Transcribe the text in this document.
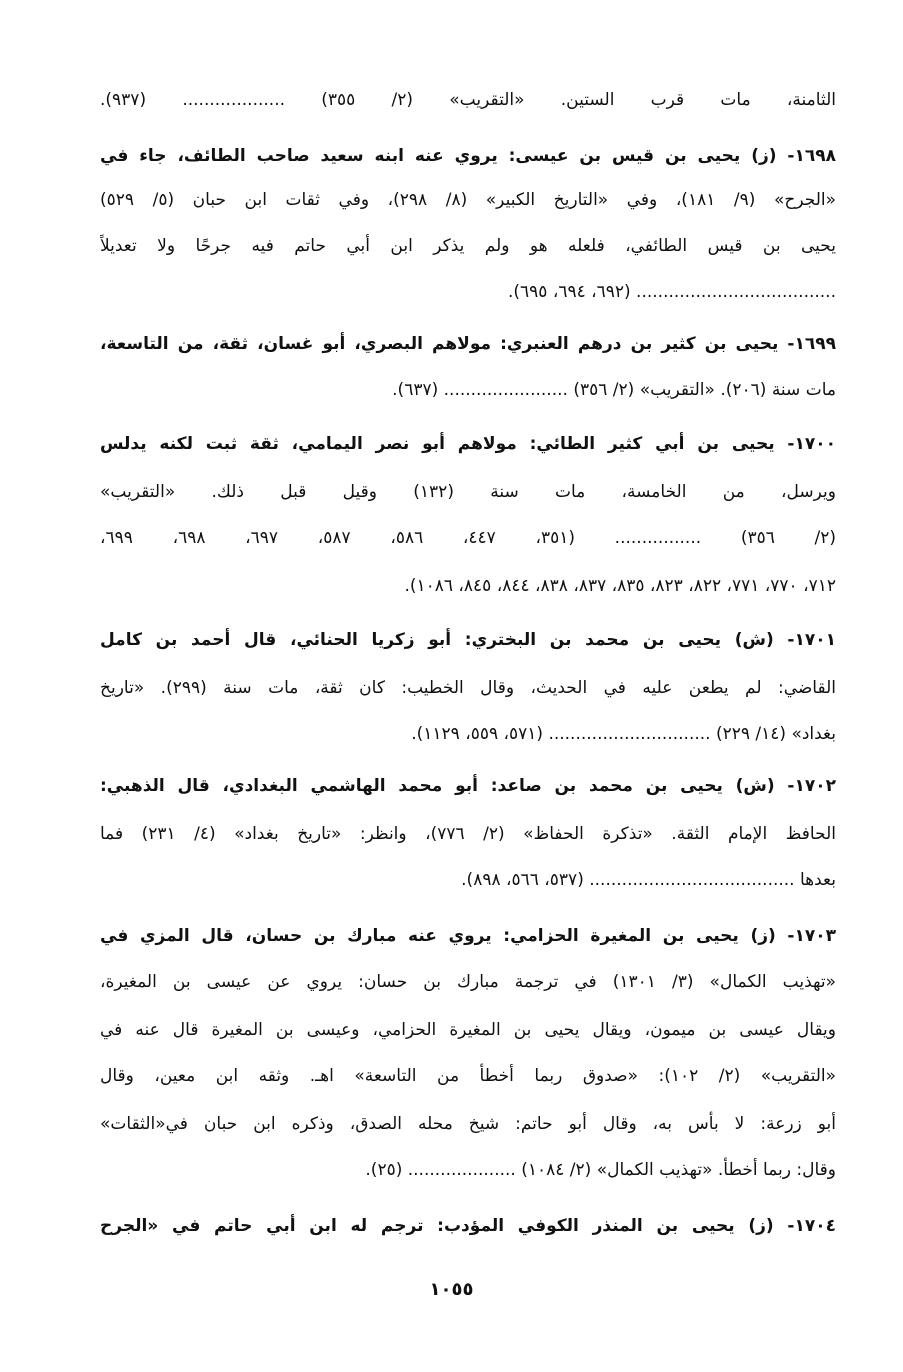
الثامنة، مات قرب الستين. «التقريب» (٢/ ٣٥٥) ................... (٩٣٧).
١٦٩٨- (ز) يحيى بن قيس بن عيسى: يروي عنه ابنه سعيد صاحب الطائف، جاء في
«الجرح» (٩/ ١٨١)، وفي «التاريخ الكبير» (٨/ ٢٩٨)، وفي ثقات ابن حبان (٥/ ٥٢٩)
يحيى بن قيس الطائفي، فلعله هو ولم يذكر ابن أبي حاتم فيه جرحًا ولا تعديلاً
..................................... (٦٩٢، ٦٩٤، ٦٩٥).
١٦٩٩- يحيى بن كثير بن درهم العنبري: مولاهم البصري، أبو غسان، ثقة، من التاسعة،
مات سنة (٢٠٦). «التقريب» (٢/ ٣٥٦) ....................... (٦٣٧).
١٧٠٠- يحيى بن أبي كثير الطائي: مولاهم أبو نصر اليمامي، ثقة ثبت لكنه يدلس
ويرسل، من الخامسة، مات سنة (١٣٢) وقيل قبل ذلك. «التقريب»
(٢/ ٣٥٦) ................ (٣٥١، ٤٤٧، ٥٨٦، ٥٨٧، ٦٩٧، ٦٩٨، ٦٩٩،
٧١٢، ٧٧٠، ٧٧١، ٨٢٢، ٨٢٣، ٨٣٥، ٨٣٧، ٨٣٨، ٨٤٤، ٨٤٥، ١٠٨٦).
١٧٠١- (ش) يحيى بن محمد بن البختري: أبو زكريا الحنائي، قال أحمد بن كامل
القاضي: لم يطعن عليه في الحديث، وقال الخطيب: كان ثقة، مات سنة (٢٩٩). «تاريخ
بغداد» (١٤/ ٢٢٩) .............................. (٥٧١، ٥٥٩، ١١٢٩).
١٧٠٢- (ش) يحيى بن محمد بن صاعد: أبو محمد الهاشمي البغدادي، قال الذهبي:
الحافظ الإمام الثقة. «تذكرة الحفاظ» (٢/ ٧٧٦)، وانظر: «تاريخ بغداد» (٤/ ٢٣١) فما
بعدها ...................................... (٥٣٧، ٥٦٦، ٨٩٨).
١٧٠٣- (ز) يحيى بن المغيرة الحزامي: يروي عنه مبارك بن حسان، قال المزي في
«تهذيب الكمال» (٣/ ١٣٠١) في ترجمة مبارك بن حسان: يروي عن عيسى بن المغيرة،
ويقال عيسى بن ميمون، ويقال يحيى بن المغيرة الحزامي، وعيسى بن المغيرة قال عنه في
«التقريب» (٢/ ١٠٢): «صدوق ربما أخطأ من التاسعة» اهـ. وثقه ابن معين، وقال
أبو زرعة: لا بأس به، وقال أبو حاتم: شيخ محله الصدق، وذكره ابن حبان في«الثقات»
وقال: ربما أخطأ. «تهذيب الكمال» (٢/ ١٠٨٤) .................... (٢٥).
١٧٠٤- (ز) يحيى بن المنذر الكوفي المؤدب: ترجم له ابن أبي حاتم في «الجرح
١٠٥٥
